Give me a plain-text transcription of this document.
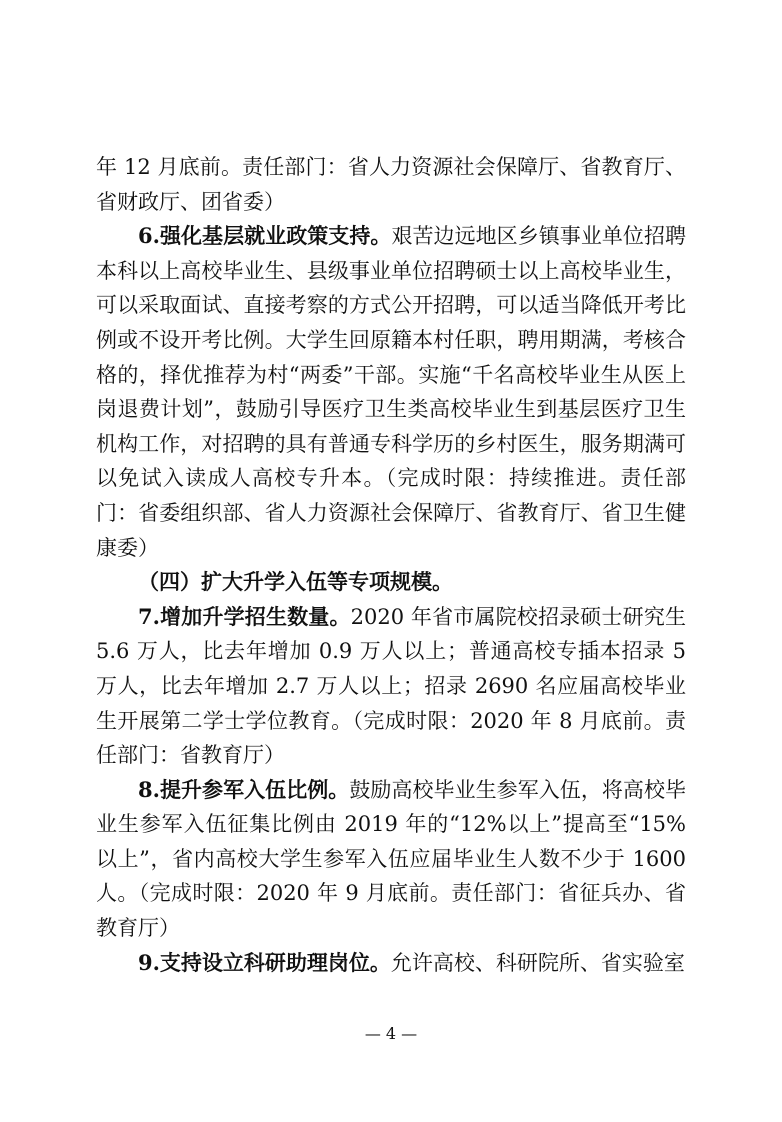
年 12 月底前。责任部门：省人力资源社会保障厅、省教育厅、省财政厅、团省委）

6.强化基层就业政策支持。艰苦边远地区乡镇事业单位招聘本科以上高校毕业生、县级事业单位招聘硕士以上高校毕业生，可以采取面试、直接考察的方式公开招聘，可以适当降低开考比例或不设开考比例。大学生回原籍本村任职，聘用期满，考核合格的，择优推荐为村“两委”干部。实施“千名高校毕业生从医上岗退费计划”，鼓励引导医疗卫生类高校毕业生到基层医疗卫生机构工作，对招聘的具有普通专科学历的乡村医生，服务期满可以免试入读成人高校专升本。（完成时限：持续推进。责任部门：省委组织部、省人力资源社会保障厅、省教育厅、省卫生健康委）

（四）扩大升学入伍等专项规模。

7.增加升学招生数量。2020 年省市属院校招录硕士研究生 5.6 万人，比去年增加 0.9 万人以上；普通高校专插本招录 5 万人，比去年增加 2.7 万人以上；招录 2690 名应届高校毕业生开展第二学士学位教育。（完成时限：2020 年 8 月底前。责任部门：省教育厅）

8.提升参军入伍比例。鼓励高校毕业生参军入伍，将高校毕业生参军入伍征集比例由 2019 年的“12%以上”提高至“15%以上”，省内高校大学生参军入伍应届毕业生人数不少于 1600 人。（完成时限：2020 年 9 月底前。责任部门：省征兵办、省教育厅）

9.支持设立科研助理岗位。允许高校、科研院所、省实验室

— 4 —
